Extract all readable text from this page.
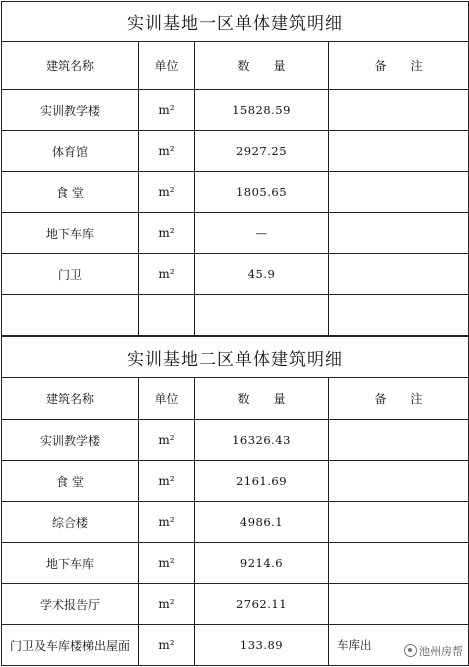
实训基地一区单体建筑明细			
建筑名称	单位	数　　量	备　　注
实训教学楼	m²	15828.59	
体育馆	m²	2927.25	
食 堂	m²	1805.65	
地下车库	m²	—	
门卫	m²	45.9	

实训基地二区单体建筑明细			
建筑名称	单位	数　　量	备　　注
实训教学楼	m²	16326.43	
食 堂	m²	2161.69	
综合楼	m²	4986.1	
地下车库	m²	9214.6	
学术报告厅	m²	2762.11	
门卫及车库楼梯出屋面	m²	133.89	车库出	池州房帮
